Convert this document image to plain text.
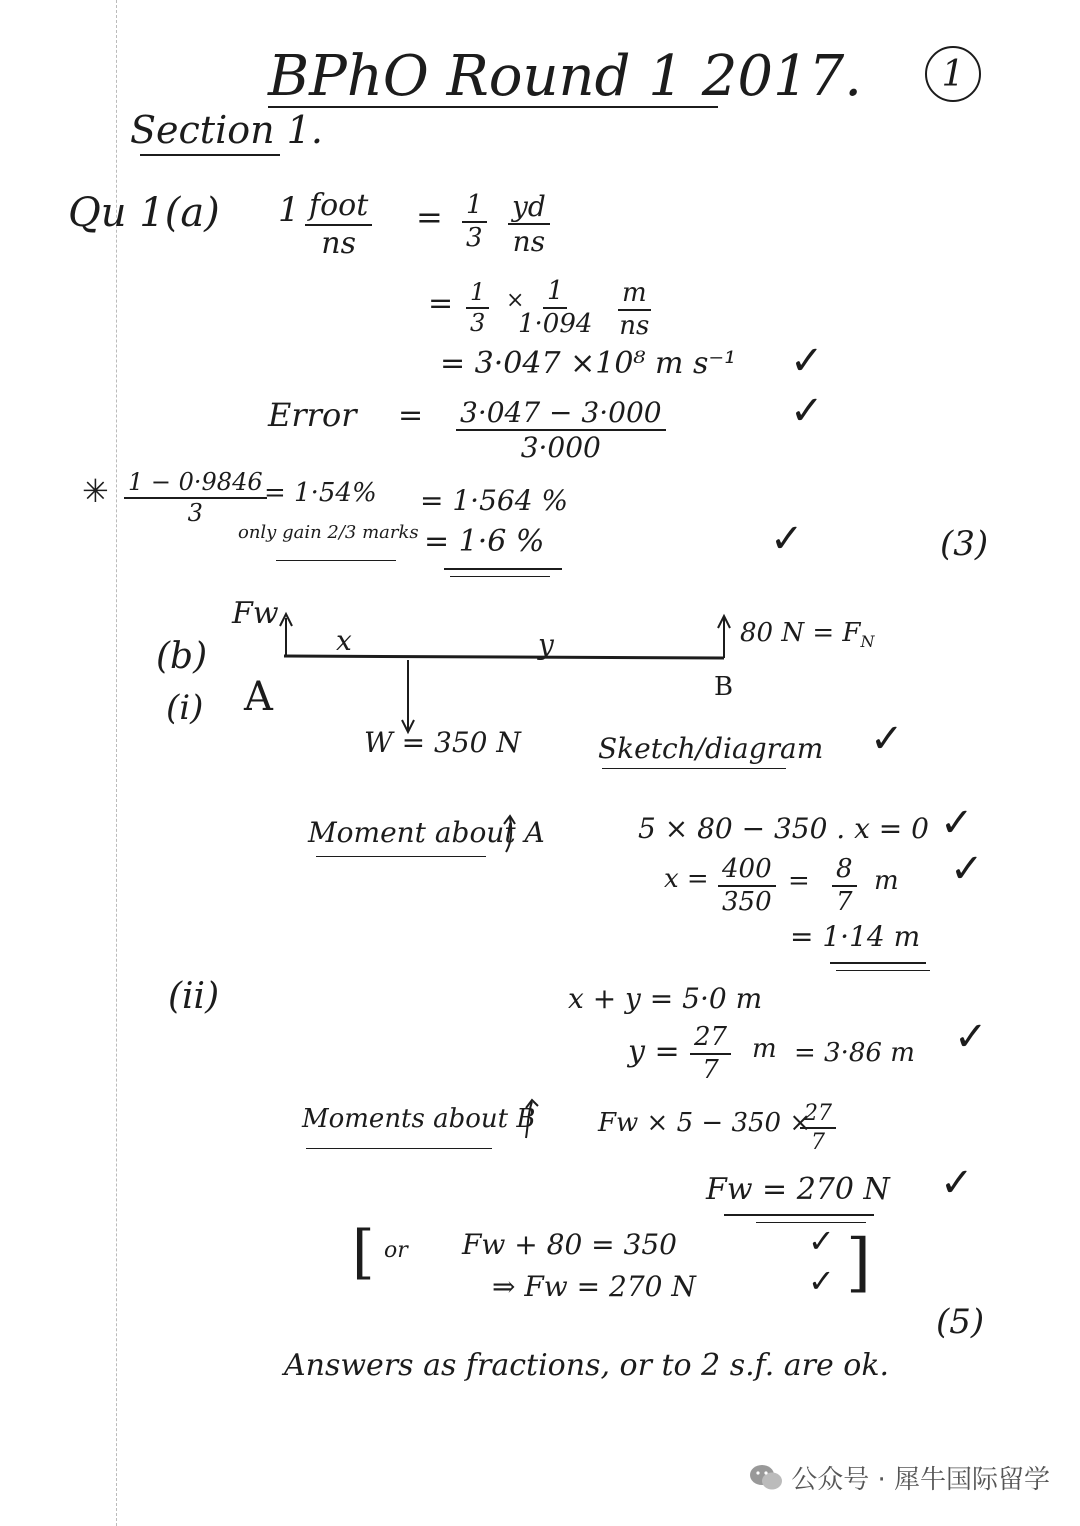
BPhO Round 1 2017.	1
Section 1.
Qu 1(a) 1 foot
ns
= $\frac{1}{3} \frac{yd}{ns}$
= $\frac{1}{3}$ ×
$\frac{1}{1\cdot 094} \frac{m}{ns}$
= 3·047 ×10⁸ m s⁻¹ ✓
Error = $\frac{3\cdot 047 - 3\cdot 000}{3\cdot 000}$	✓
✳ $\frac{1 - 0\cdot 9846}{3}$
= 1·54%
only gain 2/3 marks
= 1·564 %
= 1·6 %	✓	(3)
(b)
(i)
Fw
x	y	80 $N = F_N$
A	B
W = 350 N	Sketch/diagram ✓
Moment about A	5 × 80 − 350 . x = 0 ✓
$x = \frac{400}{350} = \frac{8}{7}$ m ✓
= 1·14 m
(ii)	x + y = 5·0 m
$y = \frac{27}{7}$ m = 3·86 m ✓
Moments about B Fw × 5 − 350 ×
$\frac{27}{7}$
Fw = 270 N ✓
[ or Fw + 80 = 350	✓
⇒ Fw = 270 N	✓ ]
(5)
Answers as fractions, or to 2 s.f. are ok.
公众号 · 犀牛国际留学
